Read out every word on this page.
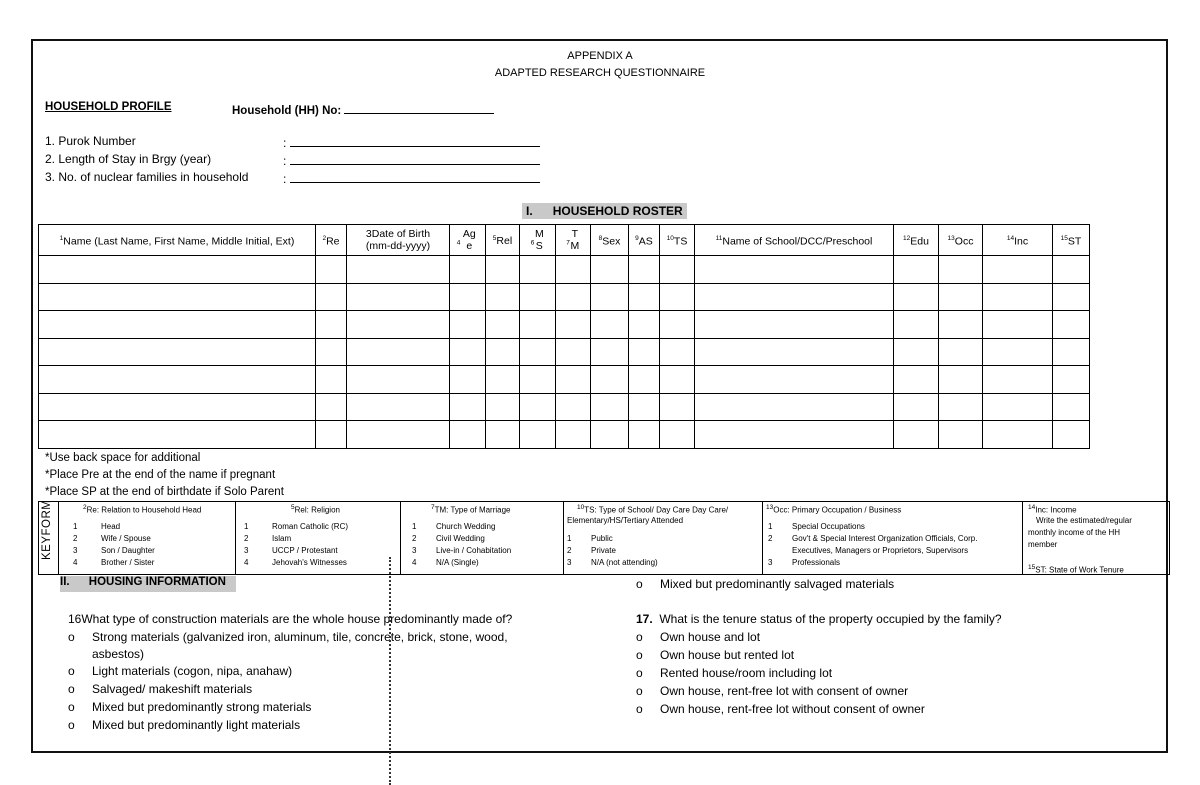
APPENDIX A
ADAPTED RESEARCH QUESTIONNAIRE
HOUSEHOLD PROFILE	Household (HH) No:
1. Purok Number	:
2. Length of Stay in Brgy (year)	:
3. No. of nuclear families in household	:
I. HOUSEHOLD ROSTER
$^1$Name (Last Name, First Name, Middle Initial, Ext)	$^2$Re	3Date of Birth (mm-dd-yyyy)	$^4$Age	$^5$Rel	$^6$MS	$^7$TM	$^8$Sex	$^9$AS	$^{10}$TS	$^{11}$Name of School/DCC/Preschool	$^{12}$Edu	$^{13}$Occ	$^{14}$Inc	$^{15}$ST

*Use back space for additional
*Place Pre at the end of the name if pregnant
*Place SP at the end of birthdate if Solo Parent
KEYFORM	$^2$Re: Relation to Household Head
1	Head
2	Wife / Spouse
3	Son / Daughter
4	Brother / Sister
$^5$Rel: Religion
1	Roman Catholic (RC)
2	Islam
3	UCCP / Protestant
4	Jehovah's Witnesses
$^7$TM: Type of Marriage
1 Church Wedding
2 Civil Wedding
3 Live-in / Cohabitation
4 N/A (Single)
$^{10}$TS: Type of School/ Day Care Day Care/
Elementary/HS/Tertiary Attended
1 Public
2 Private
3 N/A (not attending)
$^{13}$Occ: Primary Occupation / Business
1 Special Occupations
2 Gov't & Special Interest Organization Officials, Corp.
Executives, Managers or Proprietors, Supervisors
3 Professionals
$^{14}$Inc: Income
Write the estimated/regular
monthly income of the HH
member
$^{15}$ST: State of Work Tenure
II. HOUSING INFORMATION
16What type of construction materials are the whole house predominantly made of?
o Strong materials (galvanized iron, aluminum, tile, concrete, brick, stone, wood,
asbestos)
o Light materials (cogon, nipa, anahaw)
o Salvaged/ makeshift materials
o Mixed but predominantly strong materials
o Mixed but predominantly light materials
o Mixed but predominantly salvaged materials
17. What is the tenure status of the property occupied by the family?
o Own house and lot
o Own house but rented lot
o Rented house/room including lot
o Own house, rent-free lot with consent of owner
o Own house, rent-free lot without consent of owner
